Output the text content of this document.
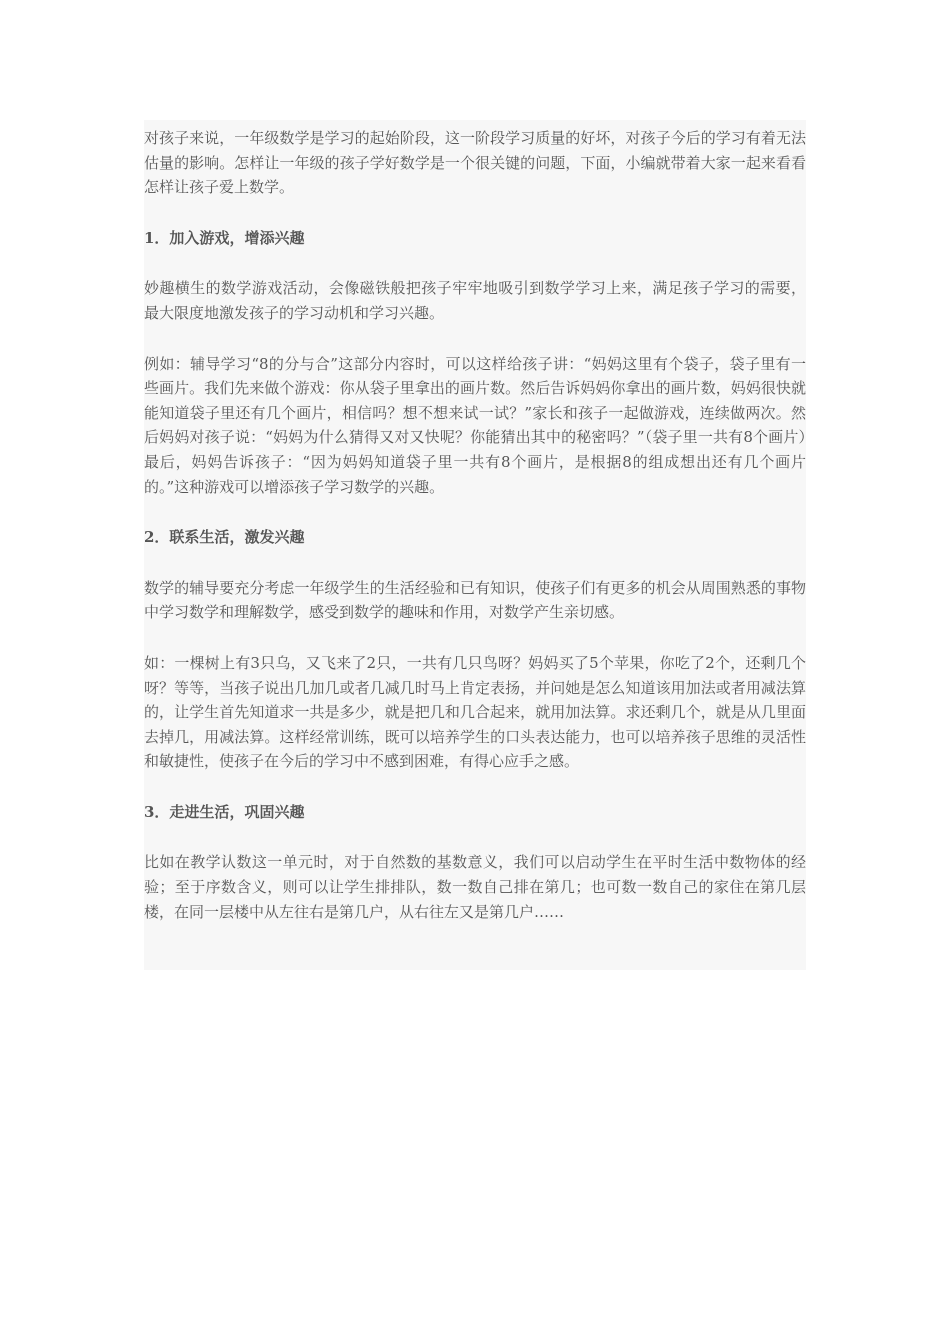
对孩子来说，一年级数学是学习的起始阶段，这一阶段学习质量的好坏，对孩子今后的学习有着无法估量的影响。怎样让一年级的孩子学好数学是一个很关键的问题，下面，小编就带着大家一起来看看怎样让孩子爱上数学。

1．加入游戏，增添兴趣

妙趣横生的数学游戏活动，会像磁铁般把孩子牢牢地吸引到数学学习上来，满足孩子学习的需要， 最大限度地激发孩子的学习动机和学习兴趣。

例如：辅导学习“8的分与合”这部分内容时，可以这样给孩子讲：“妈妈这里有个袋子，袋子里有一些画片。我们先来做个游戏：你从袋子里拿出的画片数。然后告诉妈妈你拿出的画片数，妈妈很快就能知道袋子里还有几个画片，相信吗？想不想来试一试？”家长和孩子一起做游戏，连续做两次。然后妈妈对孩子说：“妈妈为什么猜得又对又快呢？你能猜出其中的秘密吗？”（袋子里一共有8个画片）最后，妈妈告诉孩子：“因为妈妈知道袋子里一共有8个画片，是根据8的组成想出还有几个画片的。”这种游戏可以增添孩子学习数学的兴趣。

2．联系生活，激发兴趣

数学的辅导要充分考虑一年级学生的生活经验和已有知识，使孩子们有更多的机会从周围熟悉的事物中学习数学和理解数学，感受到数学的趣味和作用，对数学产生亲切感。

如：一棵树上有3只乌，又飞来了2只，一共有几只鸟呀？妈妈买了5个苹果，你吃了2个，还剩几个呀？等等，当孩子说出几加几或者几减几时马上肯定表扬，并问她是怎么知道该用加法或者用减法算的，让学生首先知道求一共是多少，就是把几和几合起来，就用加法算。求还剩几个，就是从几里面去掉几，用减法算。这样经常训练，既可以培养学生的口头表达能力，也可以培养孩子思维的灵活性和敏捷性，使孩子在今后的学习中不感到困难，有得心应手之感。

3．走进生活，巩固兴趣

比如在教学认数这一单元时，对于自然数的基数意义，我们可以启动学生在平时生活中数物体的经验；至于序数含义，则可以让学生排排队，数一数自己排在第几；也可数一数自己的家住在第几层楼，在同一层楼中从左往右是第几户，从右往左又是第几户……
